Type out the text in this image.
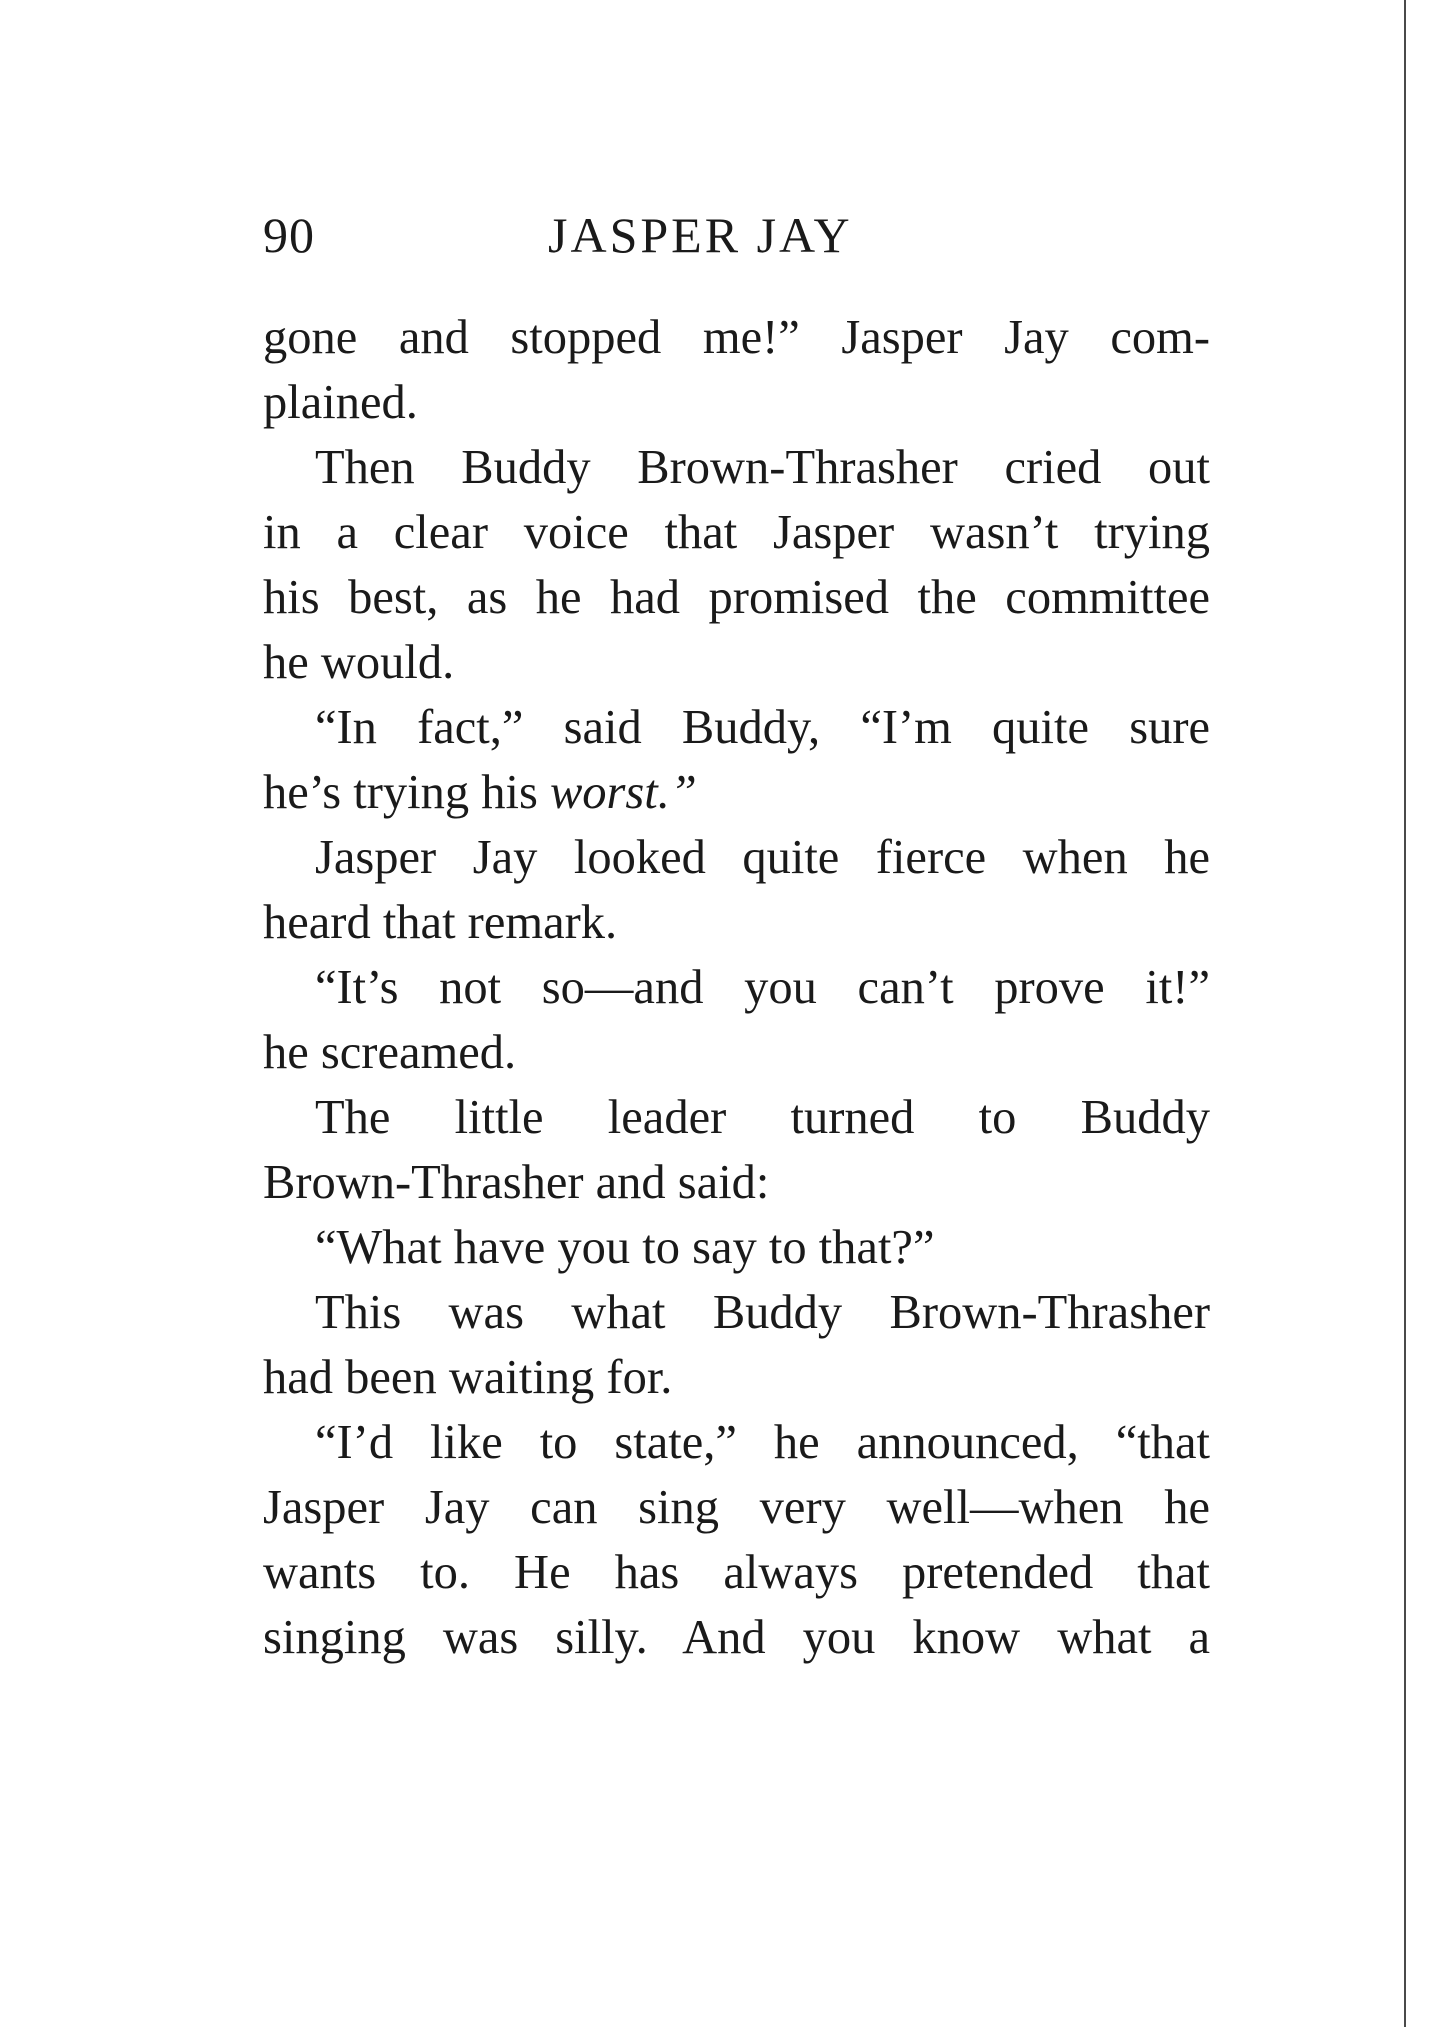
90	JASPER JAY
gone and stopped me!” Jasper Jay com-
plained.
Then Buddy Brown-Thrasher cried out
in a clear voice that Jasper wasn’t trying
his best, as he had promised the committee
he would.
“In fact,” said Buddy, “I’m quite sure
he’s trying his worst.”
Jasper Jay looked quite fierce when he
heard that remark.
“It’s not so—and you can’t prove it!”
he screamed.
The little leader turned to Buddy
Brown-Thrasher and said:
“What have you to say to that?”
This was what Buddy Brown-Thrasher
had been waiting for.
“I’d like to state,” he announced, “that
Jasper Jay can sing very well—when he
wants to. He has always pretended that
singing was silly. And you know what a
